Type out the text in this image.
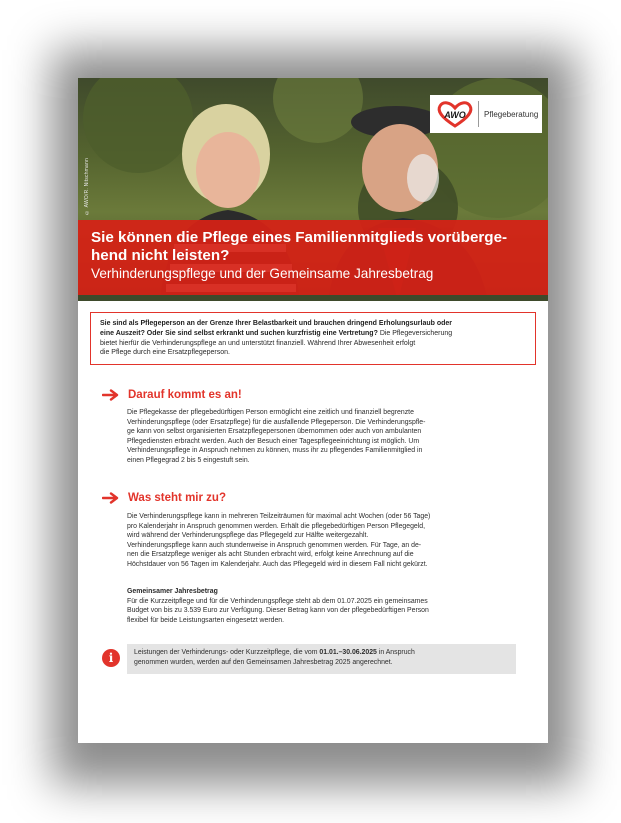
© AWO/R. Nitschmann
AWO Pflegeberatung

Sie können die Pflege eines Familienmitglieds vorüberge-
hend nicht leisten?

Verhinderungspflege und der Gemeinsame Jahresbetrag

Sie sind als Pflegeperson an der Grenze Ihrer Belastbarkeit und brauchen dringend Erholungsurlaub oder
eine Auszeit? Oder Sie sind selbst erkrankt und suchen kurzfristig eine Vertretung? Die Pflegeversicherung
bietet hierfür die Verhinderungspflege an und unterstützt finanziell. Während Ihrer Abwesenheit erfolgt
die Pflege durch eine Ersatzpflegeperson.
Darauf kommt es an!
Die Pflegekasse der pflegebedürftigen Person ermöglicht eine zeitlich und finanziell begrenzte
Verhinderungspflege (oder Ersatzpflege) für die ausfallende Pflegeperson. Die Verhinderungspfle-
ge kann von selbst organisierten Ersatzpflegepersonen übernommen oder auch von ambulanten
Pflegediensten erbracht werden. Auch der Besuch einer Tagespflegeeinrichtung ist möglich. Um
Verhinderungspflege in Anspruch nehmen zu können, muss ihr zu pflegendes Familienmitglied in
einen Pflegegrad 2 bis 5 eingestuft sein.
Was steht mir zu?
Die Verhinderungspflege kann in mehreren Teilzeiträumen für maximal acht Wochen (oder 56 Tage)
pro Kalenderjahr in Anspruch genommen werden. Erhält die pflegebedürftigen Person Pflegegeld,
wird während der Verhinderungspflege das Pflegegeld zur Hälfte weitergezahlt.
Verhinderungspflege kann auch stundenweise in Anspruch genommen werden. Für Tage, an de-
nen die Ersatzpflege weniger als acht Stunden erbracht wird, erfolgt keine Anrechnung auf die
Höchstdauer von 56 Tagen im Kalenderjahr. Auch das Pflegegeld wird in diesem Fall nicht gekürzt.
Gemeinsamer Jahresbetrag
Für die Kurzzeitpflege und für die Verhinderungspflege steht ab dem 01.07.2025 ein gemeinsames
Budget von bis zu 3.539 Euro zur Verfügung. Dieser Betrag kann von der pflegebedürftigen Person
flexibel für beide Leistungsarten eingesetzt werden.
i	Leistungen der Verhinderungs- oder Kurzzeitpflege, die vom 01.01.–30.06.2025 in Anspruch
genommen wurden, werden auf den Gemeinsamen Jahresbetrag 2025 angerechnet.
